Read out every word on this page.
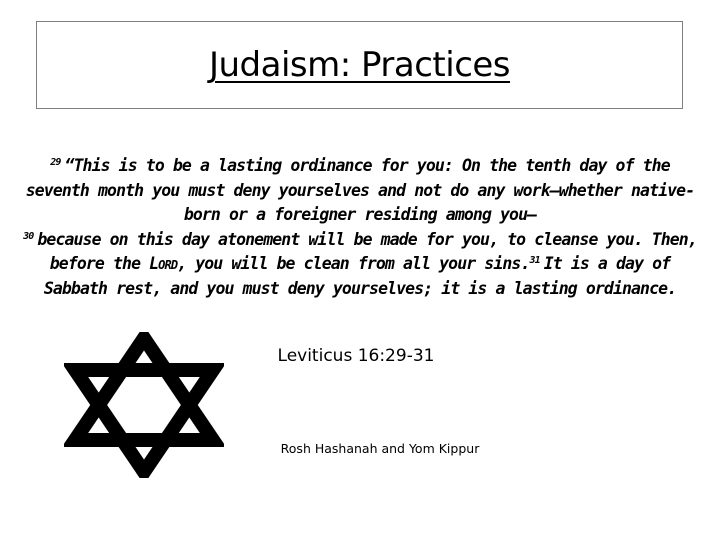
Judaism: Practices

$^{29}$ “This is to be a lasting ordinance for you: On the tenth day of the seventh month you must deny yourselves and not do any work—whether native-born or a foreigner residing among you—
$^{30}$ because on this day atonement will be made for you, to cleanse you. Then, before the Lord, you will be clean from all your sins.$^{31}$ It is a day of Sabbath rest, and you must deny yourselves; it is a lasting ordinance.

Leviticus 16:29-31

Rosh Hashanah and Yom Kippur
